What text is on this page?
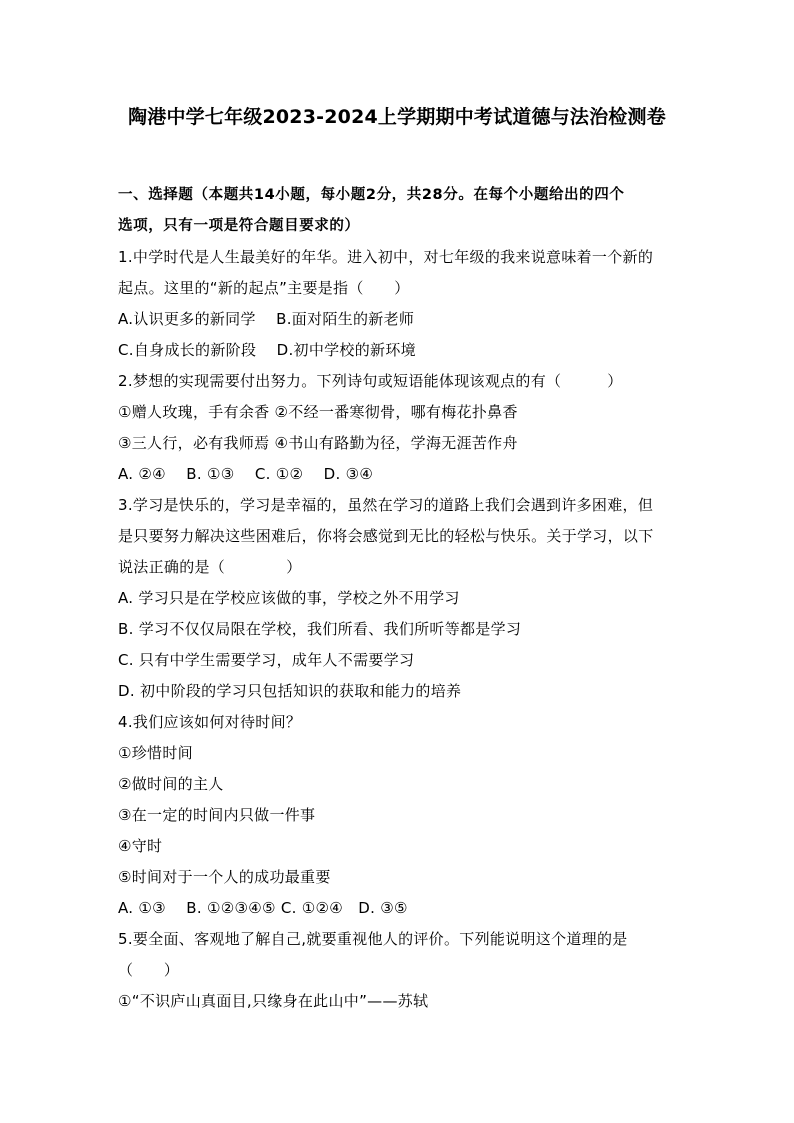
陶港中学七年级2023-2024上学期期中考试道德与法治检测卷
一、选择题（本题共14小题，每小题2分，共28分。在每个小题给出的四个
选项，只有一项是符合题目要求的）
1.中学时代是人生最美好的年华。进入初中，对七年级的我来说意味着一个新的
起点。这里的“新的起点”主要是指（　　）
A.认识更多的新同学　 B.面对陌生的新老师
C.自身成长的新阶段　 D.初中学校的新环境
2.梦想的实现需要付出努力。下列诗句或短语能体现该观点的有（　　　）
①赠人玫瑰，手有余香 ②不经一番寒彻骨，哪有梅花扑鼻香
③三人行，必有我师焉 ④书山有路勤为径，学海无涯苦作舟
A. ②④　 B. ①③　 C. ①②　 D. ③④
3.学习是快乐的，学习是幸福的，虽然在学习的道路上我们会遇到许多困难，但
是只要努力解决这些困难后，你将会感觉到无比的轻松与快乐。关于学习，以下
说法正确的是（　　　　）
A. 学习只是在学校应该做的事，学校之外不用学习
B. 学习不仅仅局限在学校，我们所看、我们所听等都是学习
C. 只有中学生需要学习，成年人不需要学习
D. 初中阶段的学习只包括知识的获取和能力的培养
4.我们应该如何对待时间？
①珍惜时间
②做时间的主人
③在一定的时间内只做一件事
④守时
⑤时间对于一个人的成功最重要
A. ①③　 B. ①②③④⑤ C. ①②④　D. ③⑤
5.要全面、客观地了解自己,就要重视他人的评价。下列能说明这个道理的是
（　　）
①“不识庐山真面目,只缘身在此山中”——苏轼
